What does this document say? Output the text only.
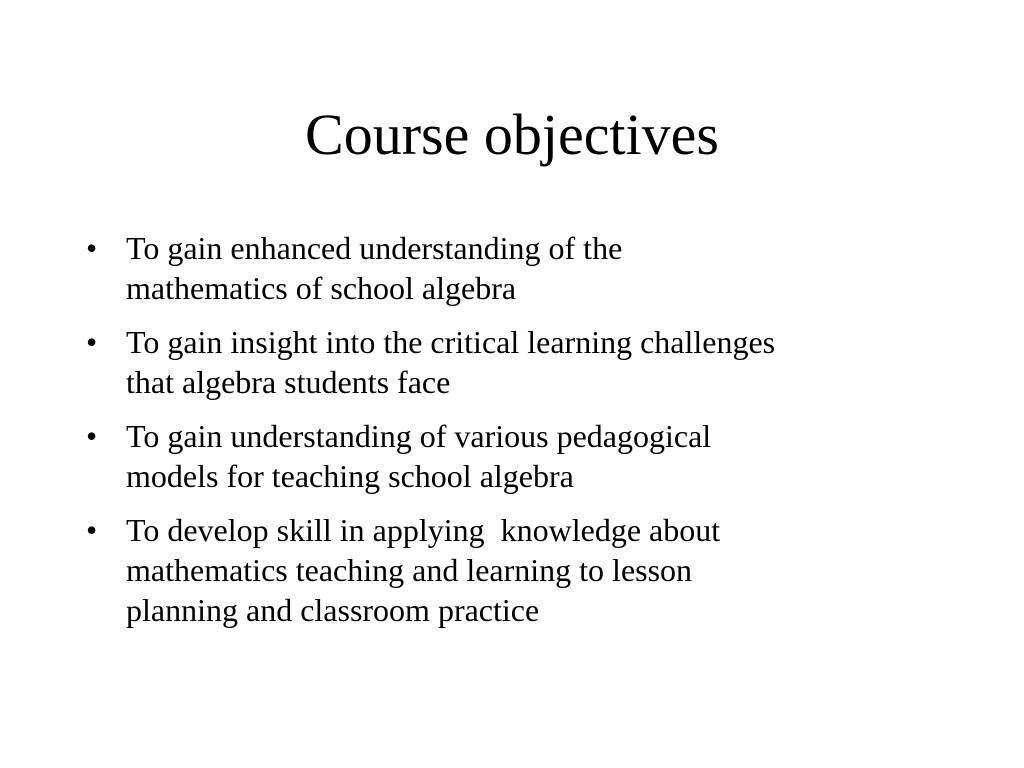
Course objectives
• To gain enhanced understanding of the
mathematics of school algebra
• To gain insight into the critical learning challenges
that algebra students face
• To gain understanding of various pedagogical
models for teaching school algebra
• To develop skill in applying  knowledge about
mathematics teaching and learning to lesson
planning and classroom practice
